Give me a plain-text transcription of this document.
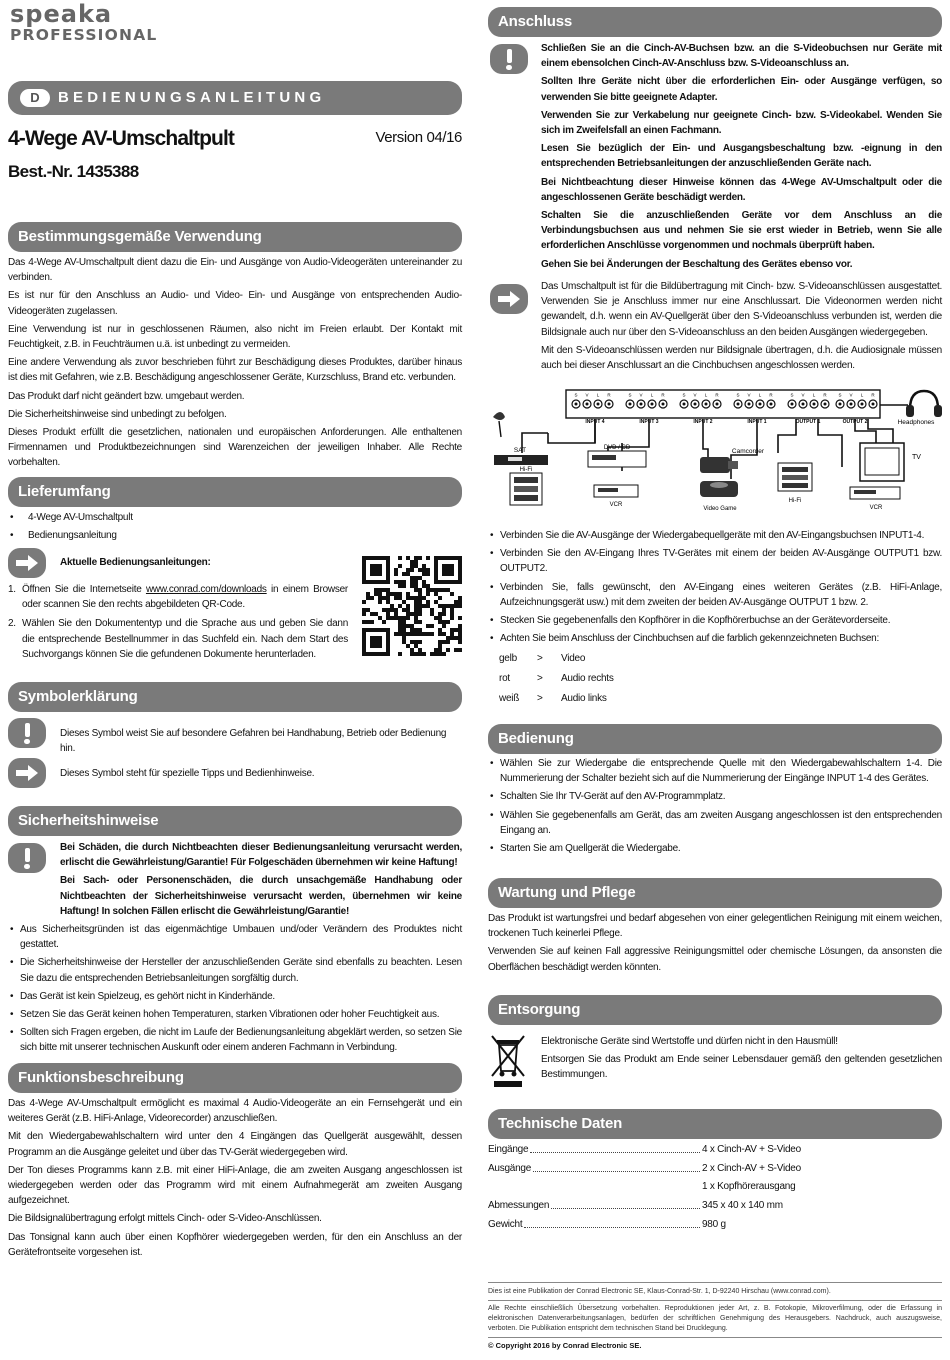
speaka
PROFESSIONAL
D	BEDIENUNGSANLEITUNG
4-Wege AV-Umschaltpult	Version 04/16
Best.-Nr. 1435388
Bestimmungsgemäße Verwendung

Das 4-Wege AV-Umschaltpult dient dazu die Ein- und Ausgänge von Audio-Videogeräten untereinander zu verbinden.

Es ist nur für den Anschluss an Audio- und Video- Ein- und Ausgänge von entsprechenden Audio-Videogeräten zugelassen.

Eine Verwendung ist nur in geschlossenen Räumen, also nicht im Freien erlaubt. Der Kontakt mit Feuchtigkeit, z.B. in Feuchträumen u.ä. ist unbedingt zu vermeiden.

Eine andere Verwendung als zuvor beschrieben führt zur Beschädigung dieses Produktes, darüber hinaus ist dies mit Gefahren, wie z.B. Beschädigung angeschlossener Geräte, Kurzschluss, Brand etc. verbunden.

Das Produkt darf nicht geändert bzw. umgebaut werden.

Die Sicherheitshinweise sind unbedingt zu befolgen.

Dieses Produkt erfüllt die gesetzlichen, nationalen und europäischen Anforderungen. Alle enthaltenen Firmennamen und Produktbezeichnungen sind Warenzeichen der jeweiligen Inhaber. Alle Rechte vorbehalten.

Lieferumfang
• 4-Wege AV-Umschaltpult
• Bedienungsanleitung
Aktuelle Bedienungsanleitungen:

1. Öffnen Sie die Internetseite www.conrad.com/downloads in einem Browser oder scannen Sie den rechts abgebildeten QR-Code.

2. Wählen Sie den Dokumententyp und die Sprache aus und geben Sie dann die entsprechende Bestellnummer in das Suchfeld ein. Nach dem Start des Suchvorgangs können Sie die gefundenen Dokumente herunterladen.

Symbolerklärung
Dieses Symbol weist Sie auf besondere Gefahren bei Handhabung, Betrieb oder Bedienung hin.
Dieses Symbol steht für spezielle Tipps und Bedienhinweise.
Sicherheitshinweise

Bei Schäden, die durch Nichtbeachten dieser Bedienungsanleitung verursacht werden, erlischt die Gewährleistung/Garantie! Für Folgeschäden übernehmen wir keine Haftung!

Bei Sach- oder Personenschäden, die durch unsachgemäße Handhabung oder Nichtbeachten der Sicherheitshinweise verursacht werden, übernehmen wir keine Haftung! In solchen Fällen erlischt die Gewährleistung/Garantie!

• Aus Sicherheitsgründen ist das eigenmächtige Umbauen und/oder Verändern des Produktes nicht gestattet.
• Die Sicherheitshinweise der Hersteller der anzuschließenden Geräte sind ebenfalls zu beachten. Lesen Sie dazu die entsprechenden Betriebsanleitungen sorgfältig durch.
• Das Gerät ist kein Spielzeug, es gehört nicht in Kinderhände.
• Setzen Sie das Gerät keinen hohen Temperaturen, starken Vibrationen oder hoher Feuchtigkeit aus.
• Sollten sich Fragen ergeben, die nicht im Laufe der Bedienungsanleitung abgeklärt werden, so setzen Sie sich bitte mit unserer technischen Auskunft oder einem anderen Fachmann in Verbindung.
Funktionsbeschreibung

Das 4-Wege AV-Umschaltpult ermöglicht es maximal 4 Audio-Videogeräte an ein Fernsehgerät und ein weiteres Gerät (z.B. HiFi-Anlage, Videorecorder) anzuschließen.

Mit den Wiedergabewahlschaltern wird unter den 4 Eingängen das Quellgerät ausgewählt, dessen Programm an die Ausgänge geleitet und über das TV-Gerät wiedergegeben wird.

Der Ton dieses Programms kann z.B. mit einer HiFi-Anlage, die am zweiten Ausgang angeschlossen ist wiedergegeben werden oder das Programm wird mit einem Aufnahmegerät am zweiten Ausgang aufgezeichnet.

Die Bildsignalübertragung erfolgt mittels Cinch- oder S-Video-Anschlüssen.

Das Tonsignal kann auch über einen Kopfhörer wiedergegeben werden, für den ein Anschluss an der Gerätefrontseite vorgesehen ist.

Anschluss

Schließen Sie an die Cinch-AV-Buchsen bzw. an die S-Videobuchsen nur Geräte mit einem ebensolchen Cinch-AV-Anschluss bzw. S-Videoanschluss an.

Sollten Ihre Geräte nicht über die erforderlichen Ein- oder Ausgänge verfügen, so verwenden Sie bitte geeignete Adapter.

Verwenden Sie zur Verkabelung nur geeignete Cinch- bzw. S-Videokabel. Wenden Sie sich im Zweifelsfall an einen Fachmann.

Lesen Sie bezüglich der Ein- und Ausgangsbeschaltung bzw. -eignung in den entsprechenden Betriebsanleitungen der anzuschließenden Geräte nach.

Bei Nichtbeachtung dieser Hinweise können das 4-Wege AV-Umschaltpult oder die angeschlossenen Geräte beschädigt werden.

Schalten Sie die anzuschließenden Geräte vor dem Anschluss an die Verbindungsbuchsen aus und nehmen Sie sie erst wieder in Betrieb, wenn Sie alle erforderlichen Anschlüsse vorgenommen und nochmals überprüft haben.

Gehen Sie bei Änderungen der Beschaltung des Gerätes ebenso vor.

Das Umschaltpult ist für die Bildübertragung mit Cinch- bzw. S-Videoanschlüssen ausgestattet. Verwenden Sie je Anschluss immer nur eine Anschlussart. Die Videonormen werden nicht gewandelt, d.h. wenn ein AV-Quellgerät über den S-Videoanschluss verbunden ist, werden die Bildsignale auch nur über den S-Videoanschluss an den beiden Ausgängen wiedergegeben.

Mit den S-Videoanschlüssen werden nur Bildsignale übertragen, d.h. die Audiosignale müssen auch bei dieser Anschlussart an die Cinchbuchsen angeschlossen werden.

S V L R	S V L R	S V L R	S V L R	S V L R	S V L R
INPUT 4	INPUT 3	INPUT 2	INPUT 1	OUTPUT 1	OUTPUT 2
SAT
Hi-Fi
DVD / CD
VCR
Camcorder
Video Game
Hi-Fi
TV
VCR
Headphones
• Verbinden Sie die AV-Ausgänge der Wiedergabequellgeräte mit den AV-Eingangsbuchsen INPUT1-4.
• Verbinden Sie den AV-Eingang Ihres TV-Gerätes mit einem der beiden AV-Ausgänge OUTPUT1 bzw. OUTPUT2.
• Verbinden Sie, falls gewünscht, den AV-Eingang eines weiteren Gerätes (z.B. HiFi-Anlage, Aufzeichnungsgerät usw.) mit dem zweiten der beiden AV-Ausgänge OUTPUT 1 bzw. 2.
• Stecken Sie gegebenenfalls den Kopfhörer in die Kopfhörerbuchse an der Gerätevorderseite.
• Achten Sie beim Anschluss der Cinchbuchsen auf die farblich gekennzeichneten Buchsen:
gelb > Video
rot	> Audio rechts
weiß > Audio links
Bedienung
• Wählen Sie zur Wiedergabe die entsprechende Quelle mit den Wiedergabewahlschaltern 1-4. Die Nummerierung der Schalter bezieht sich auf die Nummerierung der Eingänge INPUT 1-4 des Gerätes.
• Schalten Sie Ihr TV-Gerät auf den AV-Programmplatz.
• Wählen Sie gegebenenfalls am Gerät, das am zweiten Ausgang angeschlossen ist den entsprechenden Eingang an.
• Starten Sie am Quellgerät die Wiedergabe.
Wartung und Pflege

Das Produkt ist wartungsfrei und bedarf abgesehen von einer gelegentlichen Reinigung mit einem weichen, trockenen Tuch keinerlei Pflege.

Verwenden Sie auf keinen Fall aggressive Reinigungsmittel oder chemische Lösungen, da ansonsten die Oberflächen beschädigt werden könnten.

Entsorgung

Elektronische Geräte sind Wertstoffe und dürfen nicht in den Hausmüll!

Entsorgen Sie das Produkt am Ende seiner Lebensdauer gemäß den geltenden gesetzlichen Bestimmungen.

Technische Daten
Eingänge	4 x Cinch-AV + S-Video
Ausgänge	2 x Cinch-AV + S-Video
1 x Kopfhörerausgang
Abmessungen	345 x 40 x 140 mm
Gewicht	980 g
Dies ist eine Publikation der Conrad Electronic SE, Klaus-Conrad-Str. 1, D-92240 Hirschau (www.conrad.com).
Alle Rechte einschließlich Übersetzung vorbehalten. Reproduktionen jeder Art, z. B. Fotokopie, Mikroverfilmung, oder die Erfassung in elektronischen Datenverarbeitungsanlagen, bedürfen der schriftlichen Genehmigung des Herausgebers. Nachdruck, auch auszugsweise, verboten. Die Publikation entspricht dem technischen Stand bei Drucklegung.
© Copyright 2016 by Conrad Electronic SE.
